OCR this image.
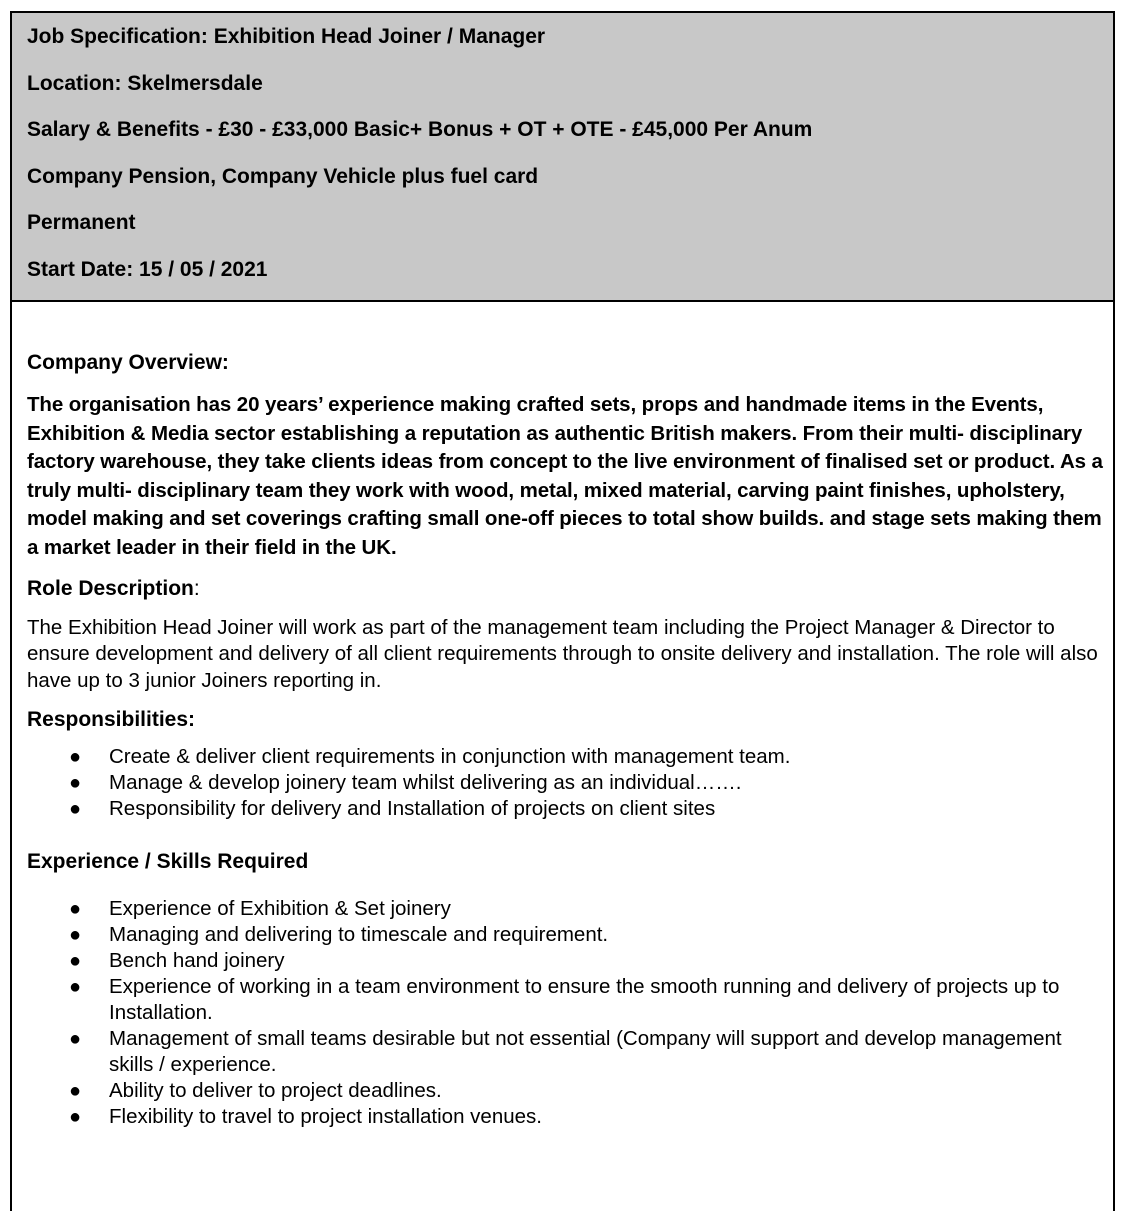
Job Specification: Exhibition Head Joiner / Manager

Location: Skelmersdale

Salary & Benefits - £30 - £33,000 Basic+ Bonus + OT + OTE - £45,000 Per Anum

Company Pension, Company Vehicle plus fuel card

Permanent

Start Date: 15 / 05 / 2021

Company Overview:

The organisation has 20 years’ experience making crafted sets, props and handmade items in the Events, Exhibition & Media sector establishing a reputation as authentic British makers. From their multi- disciplinary factory warehouse, they take clients ideas from concept to the live environment of finalised set or product. As a truly multi- disciplinary team they work with wood, metal, mixed material, carving paint finishes, upholstery, model making and set coverings crafting small one-off pieces to total show builds. and stage sets making them a market leader in their field in the UK.

Role Description:

The Exhibition Head Joiner will work as part of the management team including the Project Manager & Director to ensure development and delivery of all client requirements through to onsite delivery and installation. The role will also have up to 3 junior Joiners reporting in.

Responsibilities:

● Create & deliver client requirements in conjunction with management team.
● Manage & develop joinery team whilst delivering as an individual…….
● Responsibility for delivery and Installation of projects on client sites

Experience / Skills Required

● Experience of Exhibition & Set joinery
● Managing and delivering to timescale and requirement.
● Bench hand joinery
● Experience of working in a team environment to ensure the smooth running and delivery of projects up to Installation.
● Management of small teams desirable but not essential (Company will support and develop management skills / experience.
● Ability to deliver to project deadlines.
● Flexibility to travel to project installation venues.
